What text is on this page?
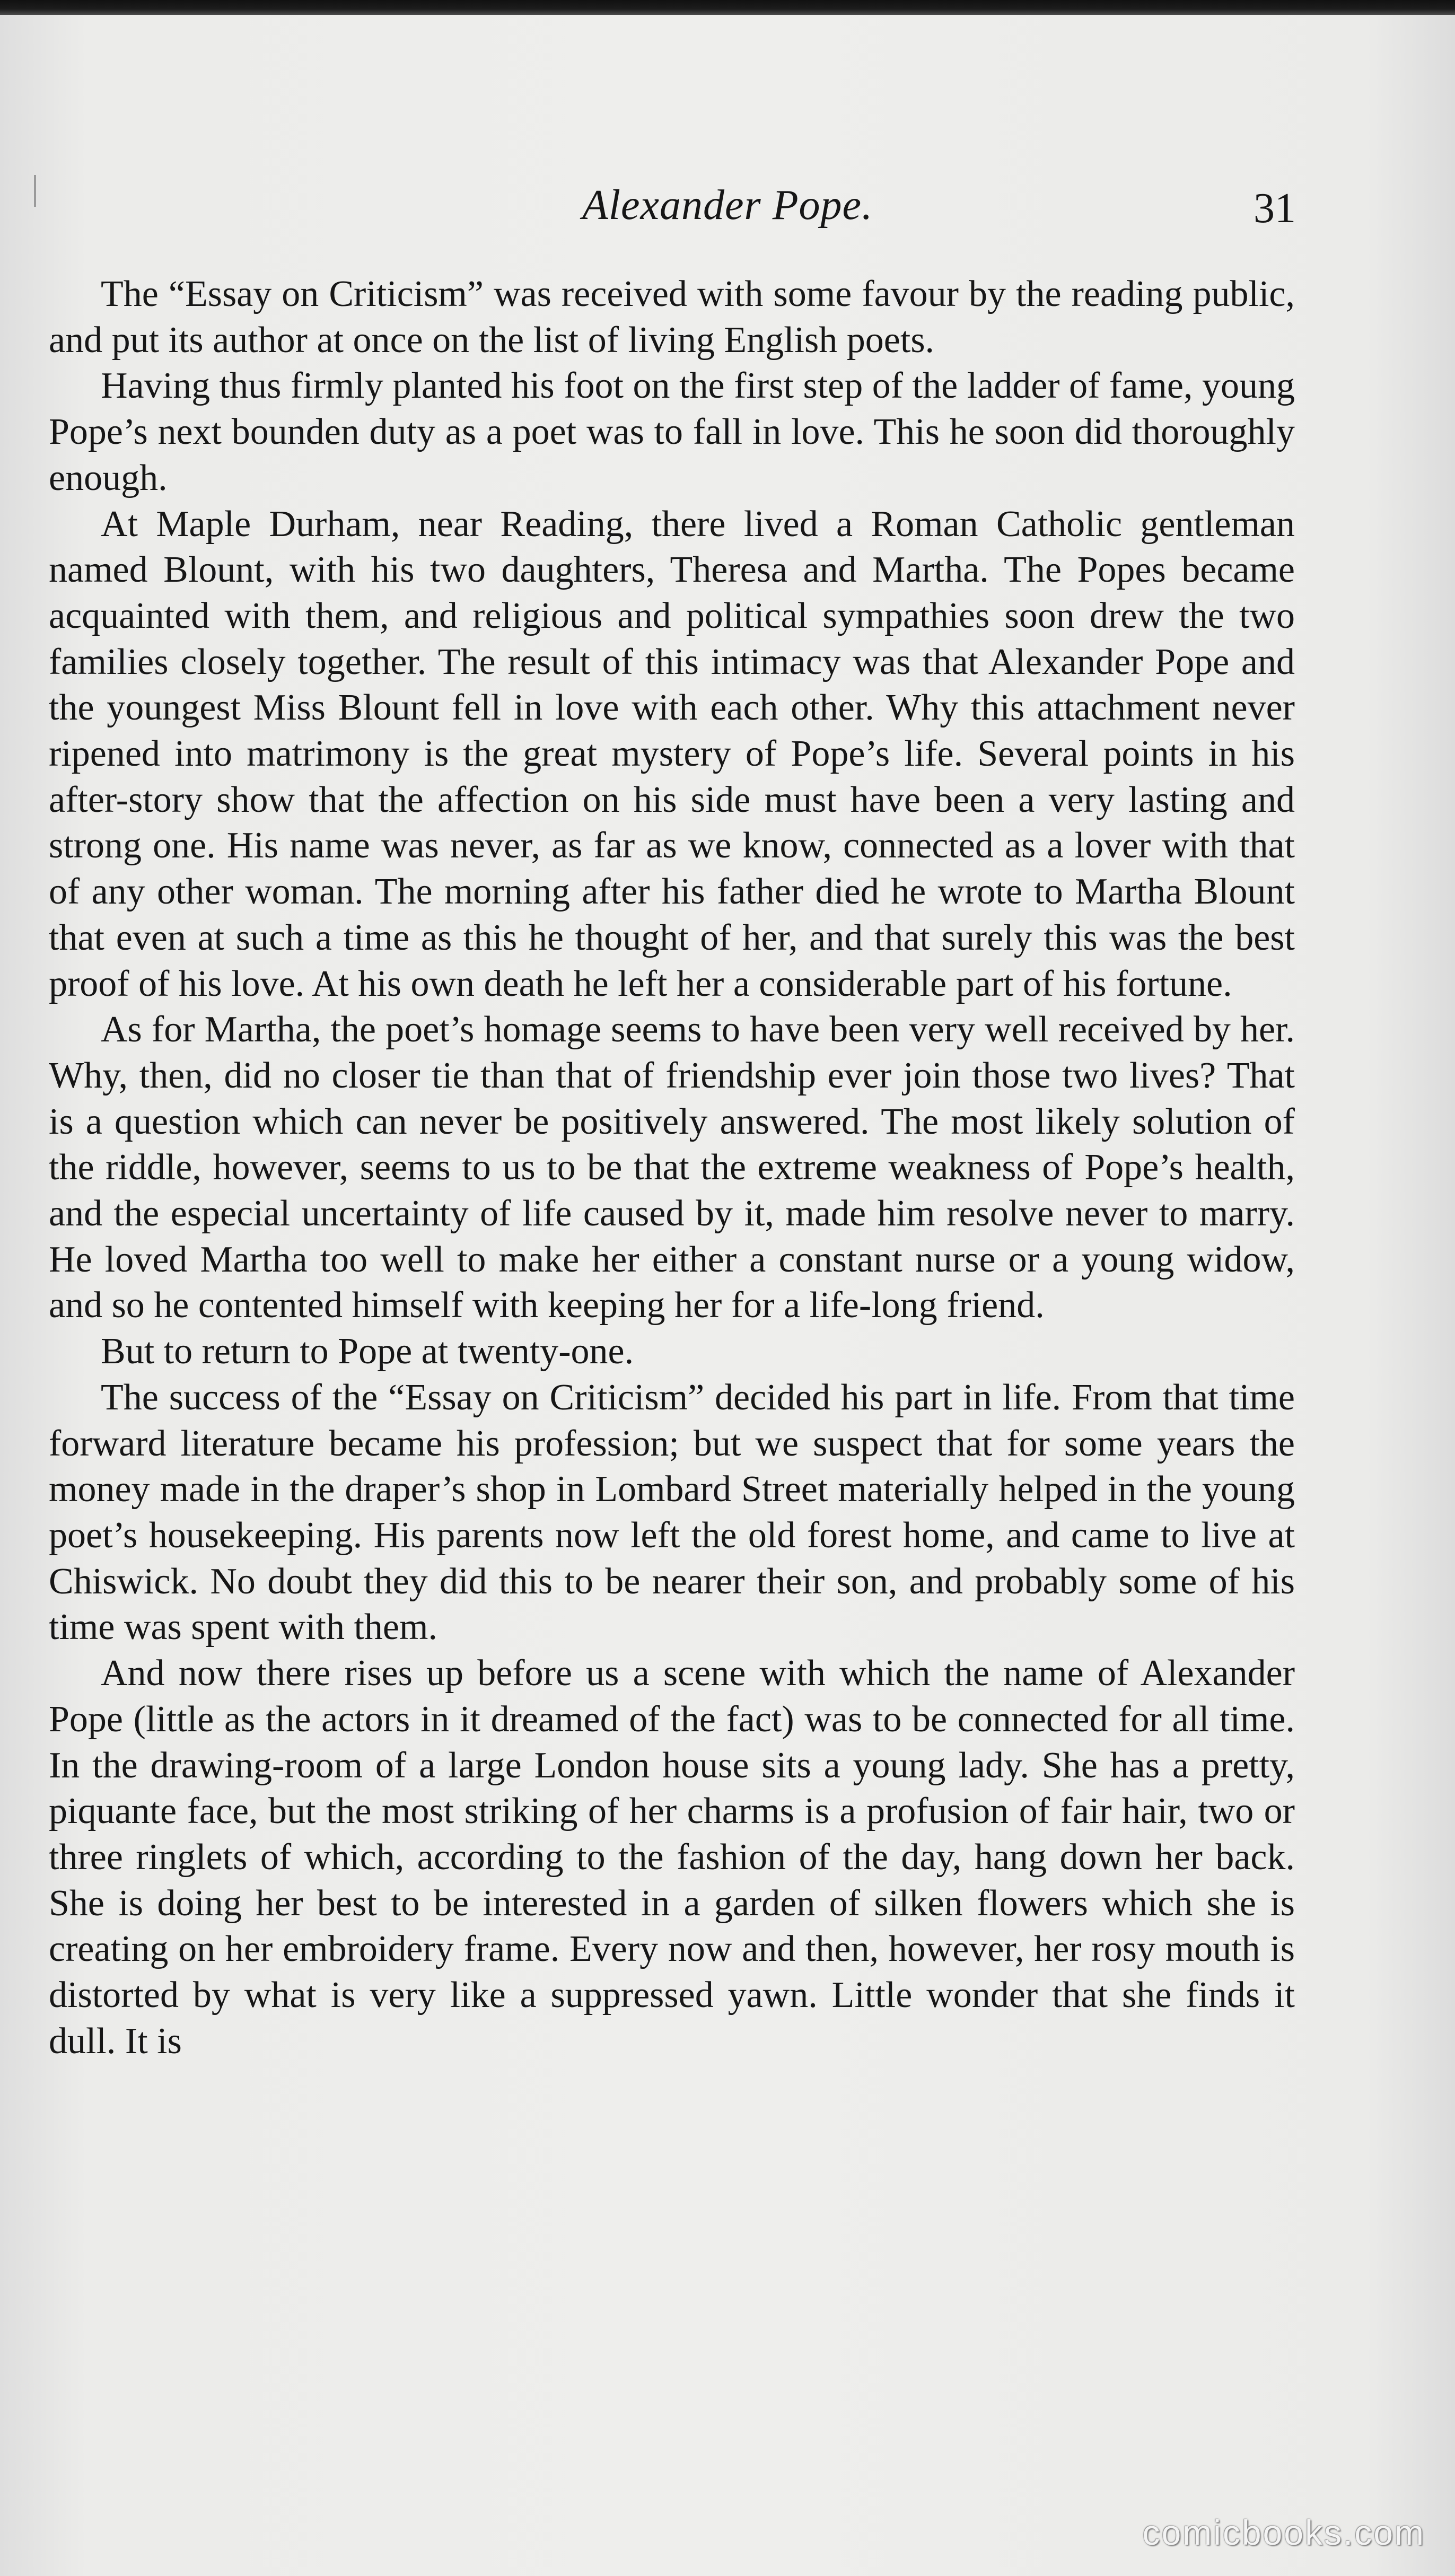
Alexander Pope.	31

The “Essay on Criticism” was received with some favour by the reading public, and put its author at once on the list of living English poets.

Having thus firmly planted his foot on the first step of the ladder of fame, young Pope’s next bounden duty as a poet was to fall in love. This he soon did thoroughly enough.

At Maple Durham, near Reading, there lived a Roman Catholic gentleman named Blount, with his two daughters, Theresa and Martha. The Popes became acquainted with them, and religious and political sympathies soon drew the two families closely together. The result of this intimacy was that Alexander Pope and the youngest Miss Blount fell in love with each other. Why this attachment never ripened into matrimony is the great mystery of Pope’s life. Several points in his after-story show that the affection on his side must have been a very lasting and strong one. His name was never, as far as we know, connected as a lover with that of any other woman. The morning after his father died he wrote to Martha Blount that even at such a time as this he thought of her, and that surely this was the best proof of his love. At his own death he left her a considerable part of his fortune.

As for Martha, the poet’s homage seems to have been very well received by her. Why, then, did no closer tie than that of friendship ever join those two lives? That is a question which can never be positively answered. The most likely solution of the riddle, however, seems to us to be that the extreme weakness of Pope’s health, and the especial uncertainty of life caused by it, made him resolve never to marry. He loved Martha too well to make her either a constant nurse or a young widow, and so he contented himself with keeping her for a life-long friend.

But to return to Pope at twenty-one.

The success of the “Essay on Criticism” decided his part in life. From that time forward literature became his profession; but we suspect that for some years the money made in the draper’s shop in Lombard Street materially helped in the young poet’s housekeeping. His parents now left the old forest home, and came to live at Chiswick. No doubt they did this to be nearer their son, and probably some of his time was spent with them.

And now there rises up before us a scene with which the name of Alexander Pope (little as the actors in it dreamed of the fact) was to be connected for all time. In the drawing-room of a large London house sits a young lady. She has a pretty, piquante face, but the most striking of her charms is a profusion of fair hair, two or three ringlets of which, according to the fashion of the day, hang down her back. She is doing her best to be interested in a garden of silken flowers which she is creating on her embroidery frame. Every now and then, however, her rosy mouth is distorted by what is very like a suppressed yawn. Little wonder that she finds it dull. It is

comicbooks.com
